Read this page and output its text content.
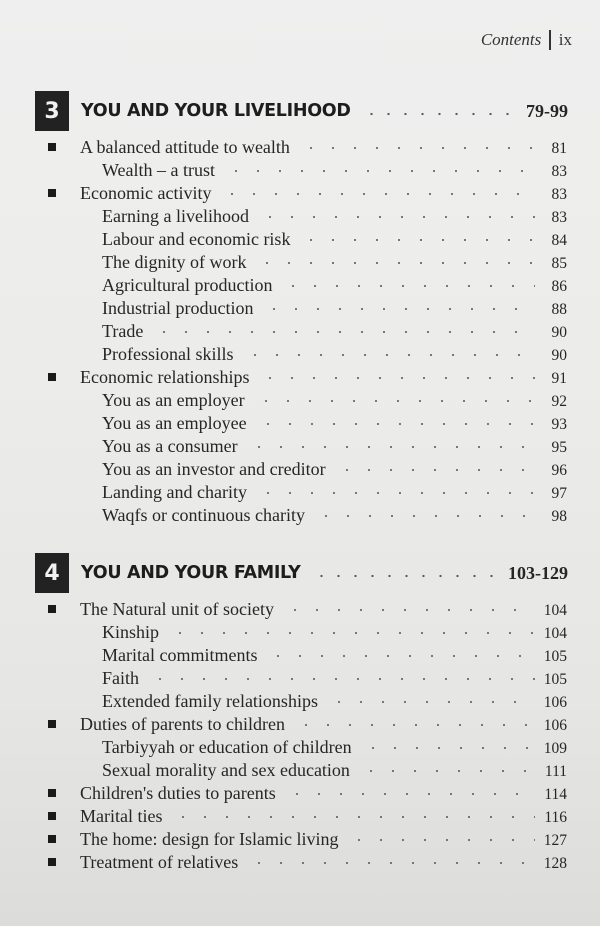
Contents ix
3	YOU AND YOUR LIVELIHOOD	79-99
A balanced attitude to wealth	81
Wealth – a trust	83
Economic activity	83
Earning a livelihood	83
Labour and economic risk	84
The dignity of work	85
Agricultural production	86
Industrial production	88
Trade	90
Professional skills	90
Economic relationships	91
You as an employer	92
You as an employee	93
You as a consumer	95
You as an investor and creditor	96
Landing and charity	97
Waqfs or continuous charity	98
4	YOU AND YOUR FAMILY	103-129
The Natural unit of society	104
Kinship	104
Marital commitments	105
Faith	105
Extended family relationships	106
Duties of parents to children	106
Tarbiyyah or education of children	109
Sexual morality and sex education	111
Children's duties to parents	114
Marital ties	116
The home: design for Islamic living	127
Treatment of relatives	128
